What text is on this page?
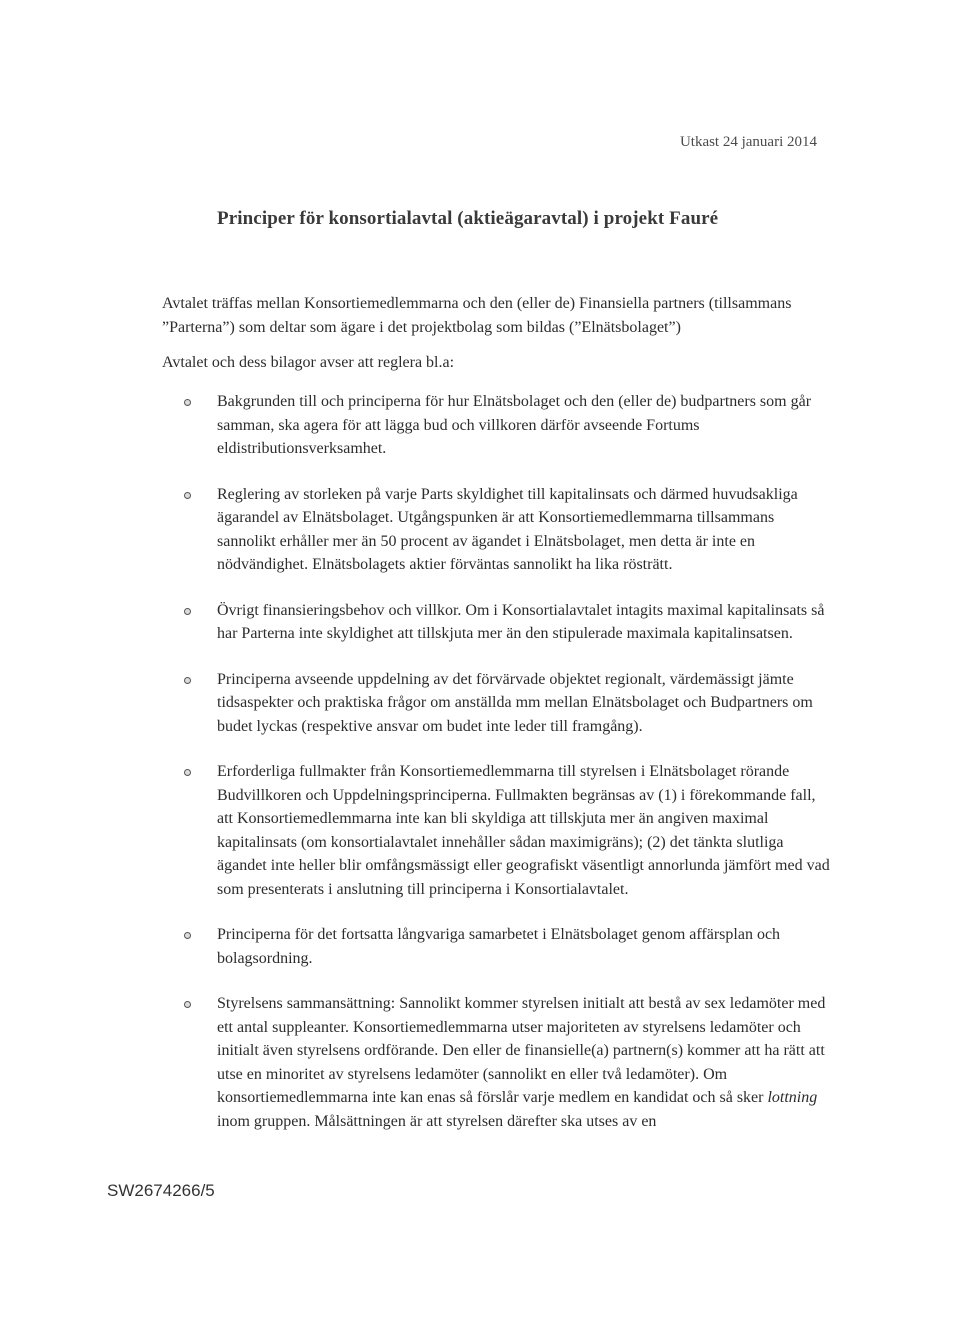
Utkast 24 januari 2014
Principer för konsortialavtal (aktieägaravtal) i projekt Fauré

Avtalet träffas mellan Konsortiemedlemmarna och den (eller de) Finansiella partners (tillsammans ”Parterna”) som deltar som ägare i det projektbolag som bildas (”Elnätsbolaget”)

Avtalet och dess bilagor avser att reglera bl.a:

Bakgrunden till och principerna för hur Elnätsbolaget och den (eller de) budpartners som går samman, ska agera för att lägga bud och villkoren därför avseende Fortums eldistributionsverksamhet.
Reglering av storleken på varje Parts skyldighet till kapitalinsats och därmed huvudsakliga ägarandel av Elnätsbolaget. Utgångspunken är att Konsortiemedlemmarna tillsammans sannolikt erhåller mer än 50 procent av ägandet i Elnätsbolaget, men detta är inte en nödvändighet. Elnätsbolagets aktier förväntas sannolikt ha lika rösträtt.
Övrigt finansieringsbehov och villkor. Om i Konsortialavtalet intagits maximal kapitalinsats så har Parterna inte skyldighet att tillskjuta mer än den stipulerade maximala kapitalinsatsen.
Principerna avseende uppdelning av det förvärvade objektet regionalt, värdemässigt jämte tidsaspekter och praktiska frågor om anställda mm mellan Elnätsbolaget och Budpartners om budet lyckas (respektive ansvar om budet inte leder till framgång).
Erforderliga fullmakter från Konsortiemedlemmarna till styrelsen i Elnätsbolaget rörande Budvillkoren och Uppdelningsprinciperna. Fullmakten begränsas av (1) i förekommande fall, att Konsortiemedlemmarna inte kan bli skyldiga att tillskjuta mer än angiven maximal kapitalinsats (om konsortialavtalet innehåller sådan maximigräns); (2) det tänkta slutliga ägandet inte heller blir omfångsmässigt eller geografiskt väsentligt annorlunda jämfört med vad som presenterats i anslutning till principerna i Konsortialavtalet.
Principerna för det fortsatta långvariga samarbetet i Elnätsbolaget genom affärsplan och bolagsordning.
Styrelsens sammansättning: Sannolikt kommer styrelsen initialt att bestå av sex ledamöter med ett antal suppleanter. Konsortiemedlemmarna utser majoriteten av styrelsens ledamöter och initialt även styrelsens ordförande. Den eller de finansielle(a) partnern(s) kommer att ha rätt att utse en minoritet av styrelsens ledamöter (sannolikt en eller två ledamöter). Om konsortiemedlemmarna inte kan enas så förslår varje medlem en kandidat och så sker lottning inom gruppen. Målsättningen är att styrelsen därefter ska utses av en
SW2674266/5
